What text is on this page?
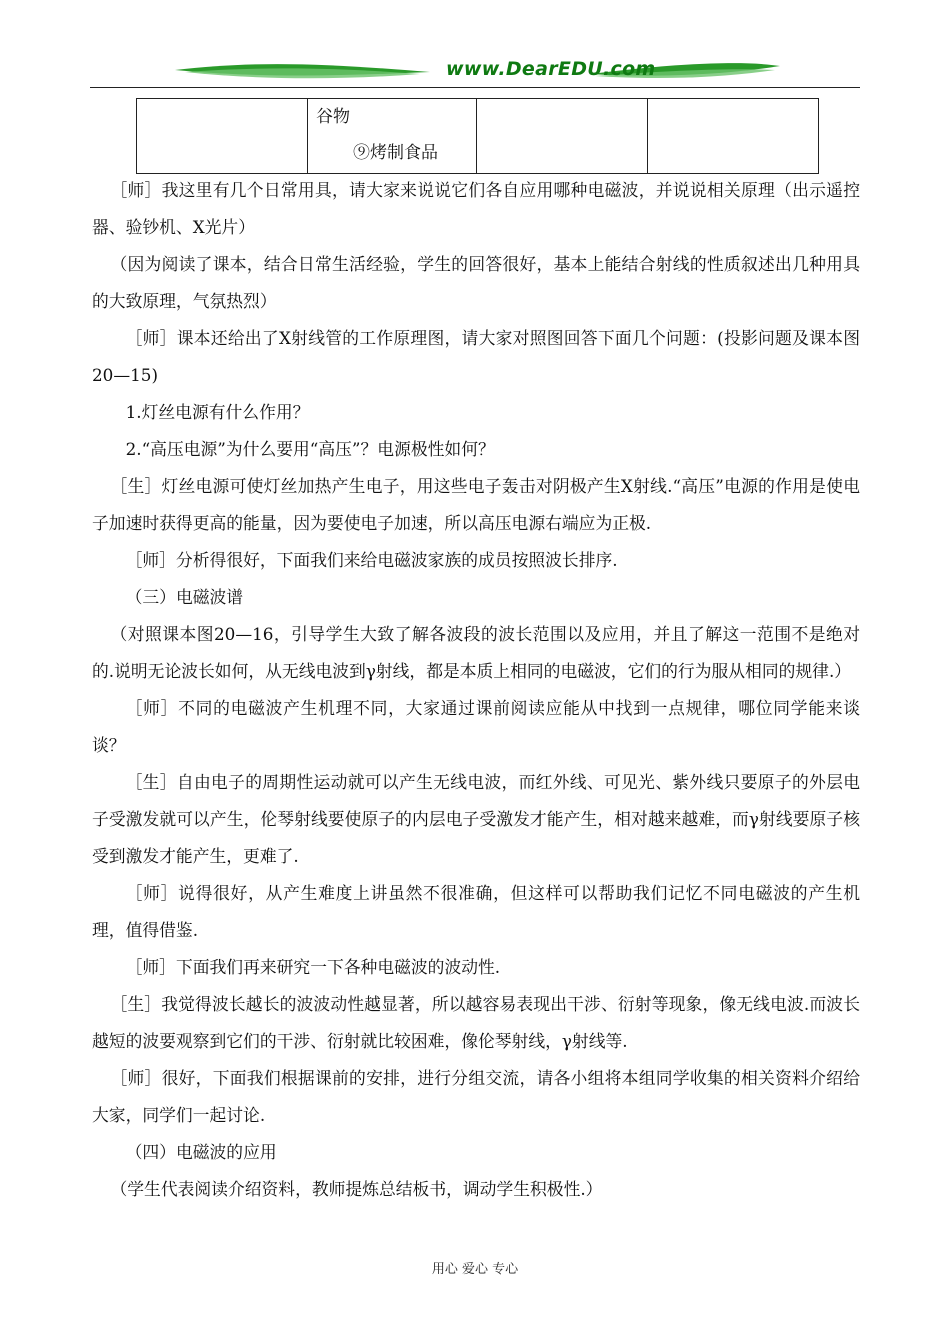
www.DearEDU.com

谷物
⑨烤制食品

［师］我这里有几个日常用具，请大家来说说它们各自应用哪种电磁波，并说说相关原理（出示遥控器、验钞机、X光片）

（因为阅读了课本，结合日常生活经验，学生的回答很好，基本上能结合射线的性质叙述出几种用具的大致原理，气氛热烈）

［师］课本还给出了X射线管的工作原理图，请大家对照图回答下面几个问题：(投影问题及课本图20—15)

1.灯丝电源有什么作用？

2.“高压电源”为什么要用“高压”？电源极性如何？

［生］灯丝电源可使灯丝加热产生电子，用这些电子轰击对阴极产生X射线.“高压”电源的作用是使电子加速时获得更高的能量，因为要使电子加速，所以高压电源右端应为正极.

［师］分析得很好，下面我们来给电磁波家族的成员按照波长排序.

（三）电磁波谱

（对照课本图20—16，引导学生大致了解各波段的波长范围以及应用，并且了解这一范围不是绝对的.说明无论波长如何，从无线电波到γ射线，都是本质上相同的电磁波，它们的行为服从相同的规律.）

［师］不同的电磁波产生机理不同，大家通过课前阅读应能从中找到一点规律，哪位同学能来谈谈？

［生］自由电子的周期性运动就可以产生无线电波，而红外线、可见光、紫外线只要原子的外层电子受激发就可以产生，伦琴射线要使原子的内层电子受激发才能产生，相对越来越难，而γ射线要原子核受到激发才能产生，更难了.

［师］说得很好，从产生难度上讲虽然不很准确，但这样可以帮助我们记忆不同电磁波的产生机理，值得借鉴.

［师］下面我们再来研究一下各种电磁波的波动性.

［生］我觉得波长越长的波波动性越显著，所以越容易表现出干涉、衍射等现象，像无线电波.而波长越短的波要观察到它们的干涉、衍射就比较困难，像伦琴射线，γ射线等.

［师］很好，下面我们根据课前的安排，进行分组交流，请各小组将本组同学收集的相关资料介绍给大家，同学们一起讨论.

（四）电磁波的应用

（学生代表阅读介绍资料，教师提炼总结板书，调动学生积极性.）

用心 爱心 专心
